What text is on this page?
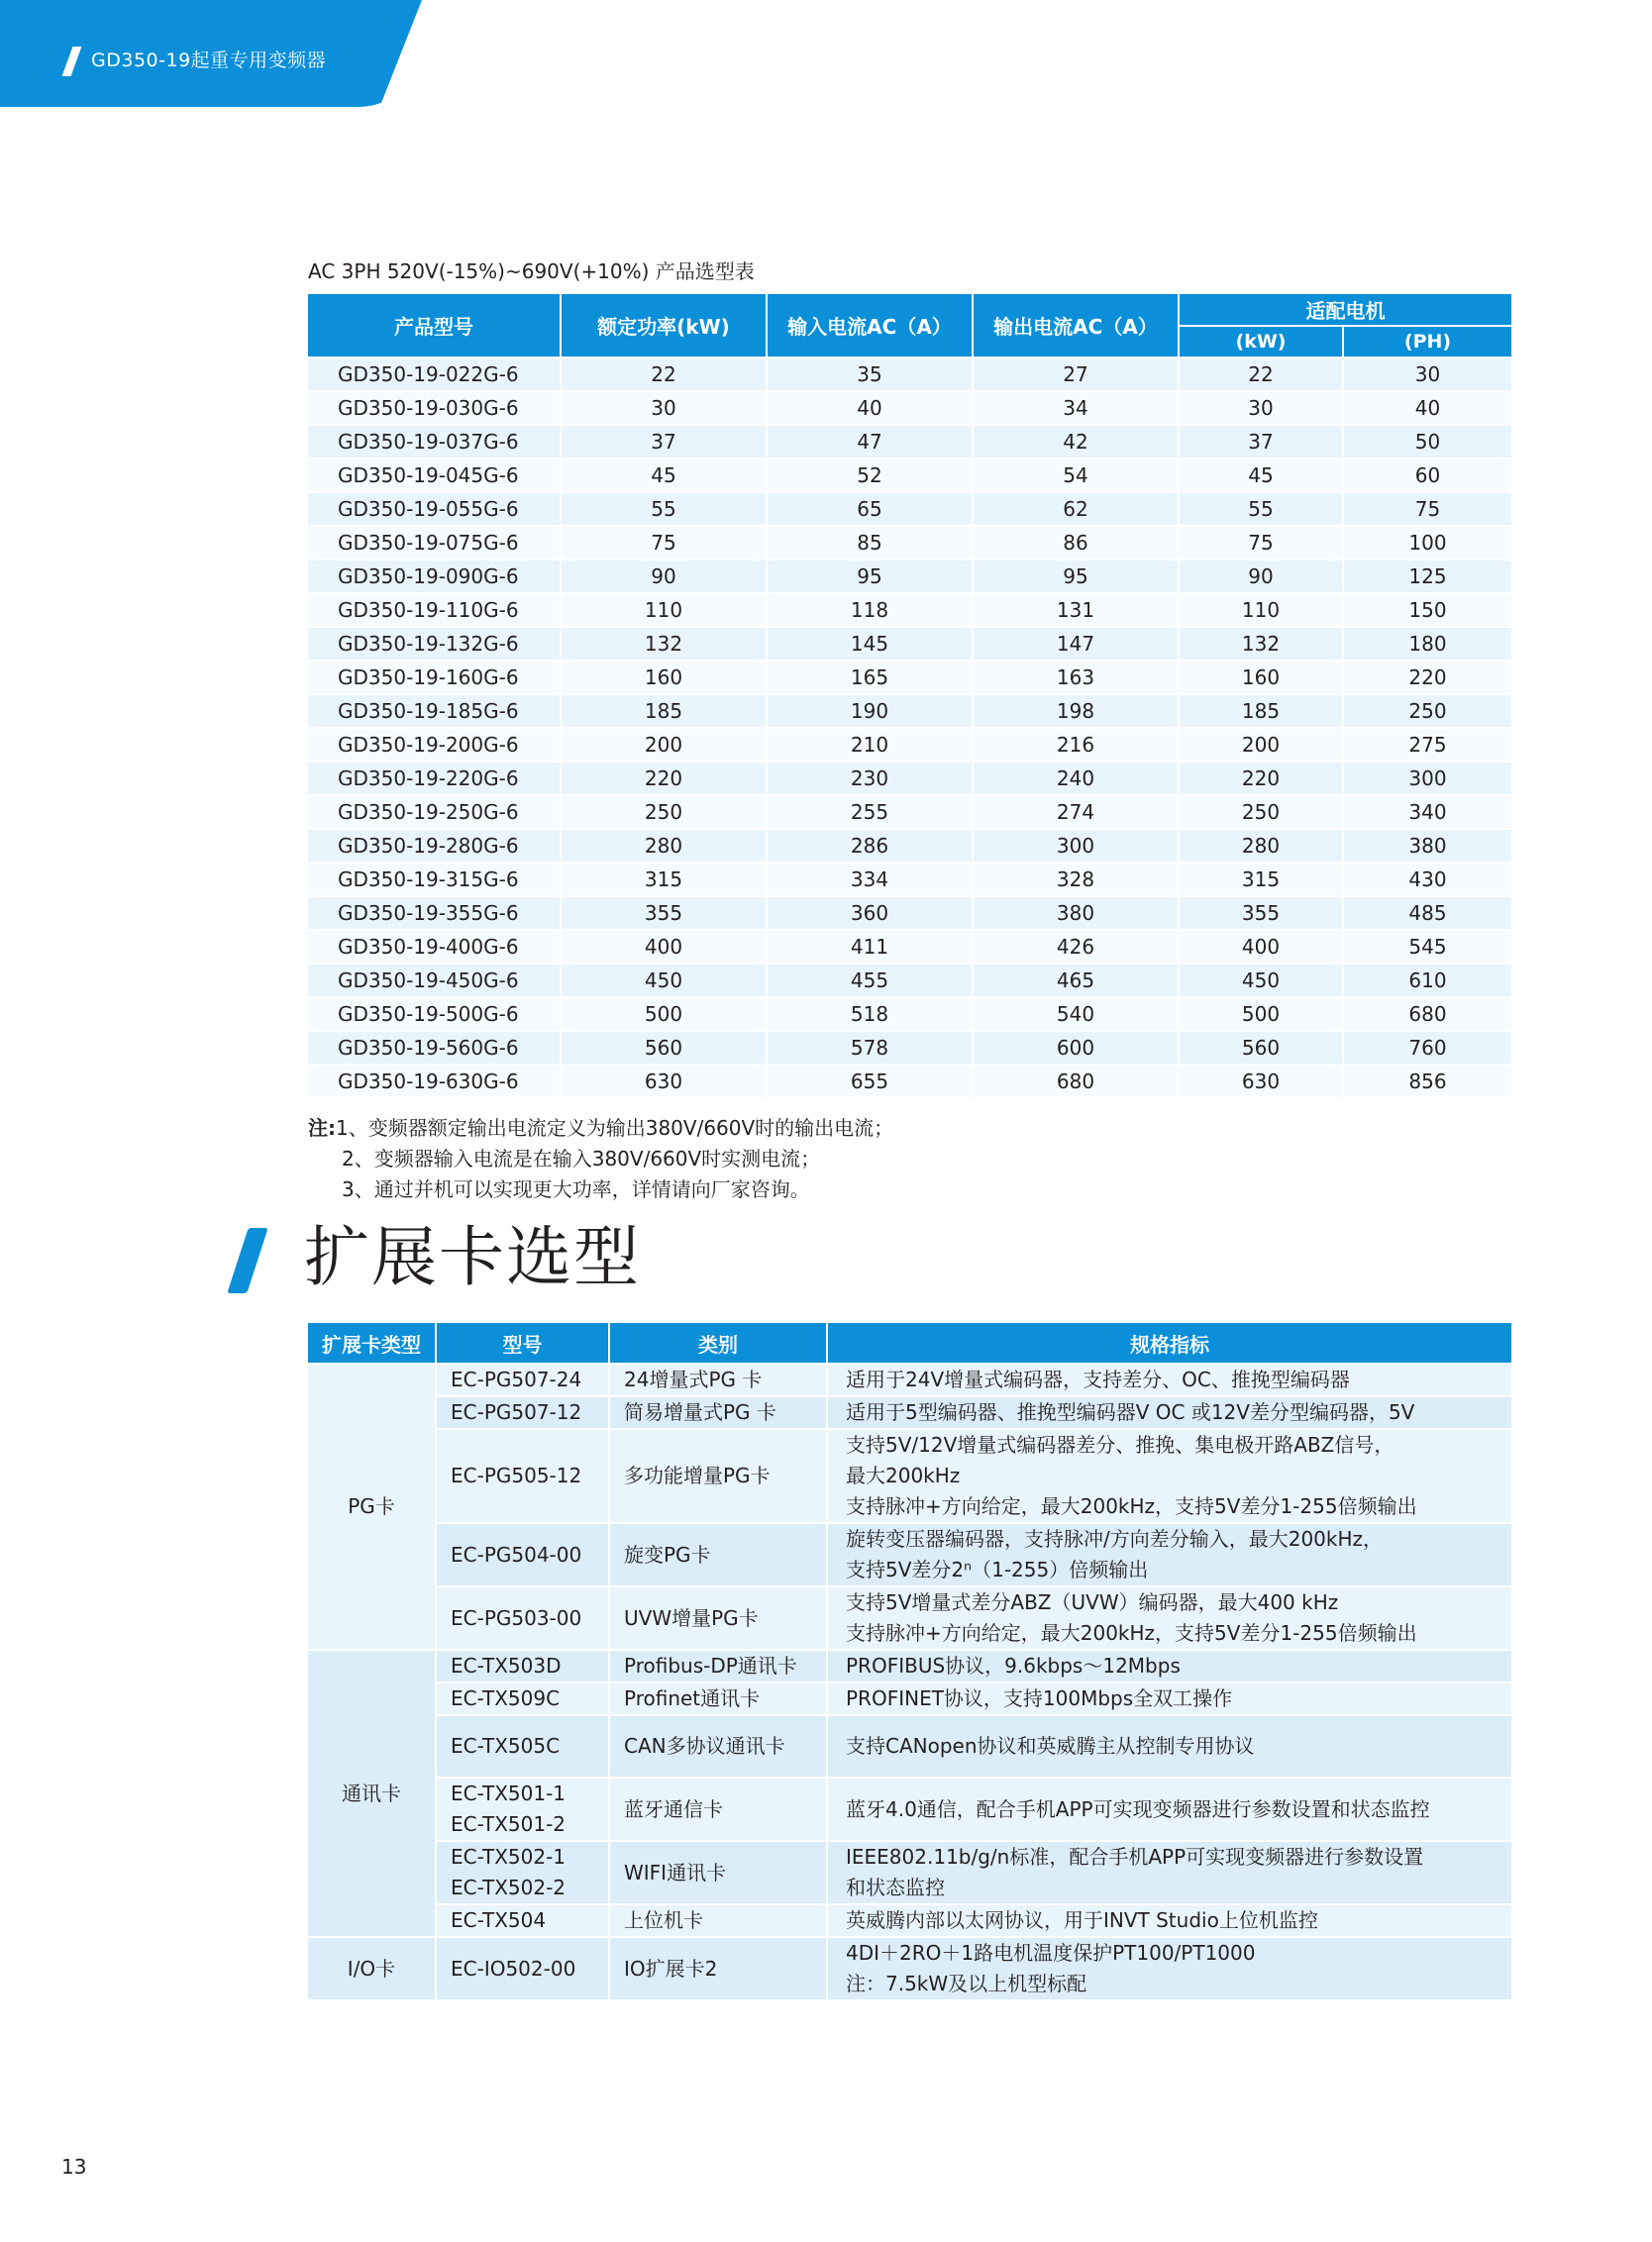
GD350-19起重专用变频器
AC 3PH 520V(-15%)~690V(+10%) 产品选型表
产品型号	额定功率(kW)	输入电流AC（A）	输出电流AC（A）	适配电机	
				(kW)	(PH)
GD350-19-022G-6	22	35	27	22	30
GD350-19-030G-6	30	40	34	30	40
GD350-19-037G-6	37	47	42	37	50
GD350-19-045G-6	45	52	54	45	60
GD350-19-055G-6	55	65	62	55	75
GD350-19-075G-6	75	85	86	75	100
GD350-19-090G-6	90	95	95	90	125
GD350-19-110G-6	110	118	131	110	150
GD350-19-132G-6	132	145	147	132	180
GD350-19-160G-6	160	165	163	160	220
GD350-19-185G-6	185	190	198	185	250
GD350-19-200G-6	200	210	216	200	275
GD350-19-220G-6	220	230	240	220	300
GD350-19-250G-6	250	255	274	250	340
GD350-19-280G-6	280	286	300	280	380
GD350-19-315G-6	315	334	328	315	430
GD350-19-355G-6	355	360	380	355	485
GD350-19-400G-6	400	411	426	400	545
GD350-19-450G-6	450	455	465	450	610
GD350-19-500G-6	500	518	540	500	680
GD350-19-560G-6	560	578	600	560	760
GD350-19-630G-6	630	655	680	630	856
注:1、变频器额定输出电流定义为输出380V/660V时的输出电流；
2、变频器输入电流是在输入380V/660V时实测电流；
3、通过并机可以实现更大功率，详情请向厂家咨询。
扩展卡选型
扩展卡类型	型号	类别	规格指标
PG卡	EC-PG507-24	24增量式PG 卡	适用于24V增量式编码器，支持差分、OC、推挽型编码器

	EC-PG507-12	简易增量式PG 卡	适用于5型编码器、推挽型编码器V OC 或12V差分型编码器，5V

	EC-PG505-12	多功能增量PG卡	支持5V/12V增量式编码器差分、推挽、集电极开路ABZ信号，
最大200kHz
支持脉冲+方向给定，最大200kHz，支持5V差分1-255倍频输出

	EC-PG504-00	旋变PG卡	旋转变压器编码器，支持脉冲/方向差分输入，最大200kHz，
支持5V差分2ⁿ（1-255）倍频输出

	EC-PG503-00	UVW增量PG卡	支持5V增量式差分ABZ（UVW）编码器，最大400 kHz
支持脉冲+方向给定，最大200kHz，支持5V差分1-255倍频输出

通讯卡	EC-TX503D	Profibus-DP通讯卡	PROFIBUS协议，9.6kbps～12Mbps

	EC-TX509C	Profinet通讯卡	PROFINET协议，支持100Mbps全双工操作

	EC-TX505C	CAN多协议通讯卡	支持CANopen协议和英威腾主从控制专用协议

	EC-TX501-1
EC-TX501-2	蓝牙通信卡	蓝牙4.0通信，配合手机APP可实现变频器进行参数设置和状态监控

	EC-TX502-1
EC-TX502-2	WIFI通讯卡	IEEE802.11b/g/n标准，配合手机APP可实现变频器进行参数设置
和状态监控

	EC-TX504	上位机卡	英威腾内部以太网协议，用于INVT Studio上位机监控

I/O卡	EC-IO502-00	IO扩展卡2	4DI＋2RO＋1路电机温度保护PT100/PT1000
注：7.5kW及以上机型标配
13
